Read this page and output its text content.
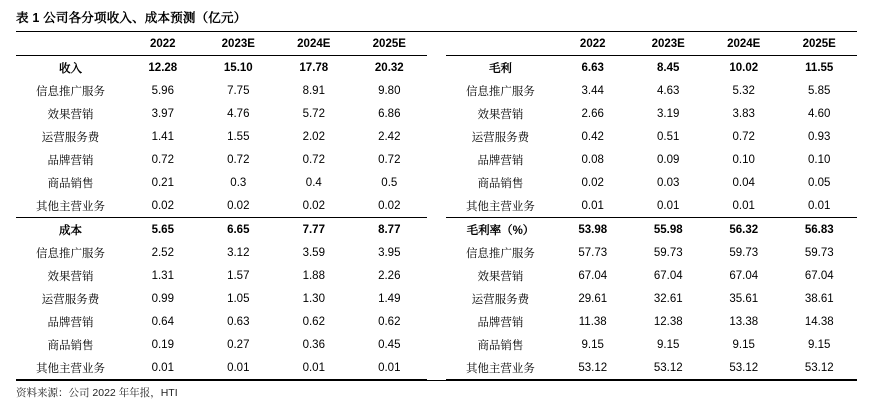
表 1 公司各分项收入、成本预测（亿元）
	2022	2023E	2024E	2025E			2022	2023E	2024E	2025E
收入	12.28	15.10	17.78	20.32		毛利	6.63	8.45	10.02	11.55
信息推广服务	5.96	7.75	8.91	9.80		信息推广服务	3.44	4.63	5.32	5.85
效果营销	3.97	4.76	5.72	6.86		效果营销	2.66	3.19	3.83	4.60
运营服务费	1.41	1.55	2.02	2.42		运营服务费	0.42	0.51	0.72	0.93
品牌营销	0.72	0.72	0.72	0.72		品牌营销	0.08	0.09	0.10	0.10
商品销售	0.21	0.3	0.4	0.5		商品销售	0.02	0.03	0.04	0.05
其他主营业务	0.02	0.02	0.02	0.02		其他主营业务	0.01	0.01	0.01	0.01
成本	5.65	6.65	7.77	8.77		毛利率（%）	53.98	55.98	56.32	56.83
信息推广服务	2.52	3.12	3.59	3.95		信息推广服务	57.73	59.73	59.73	59.73
效果营销	1.31	1.57	1.88	2.26		效果营销	67.04	67.04	67.04	67.04
运营服务费	0.99	1.05	1.30	1.49		运营服务费	29.61	32.61	35.61	38.61
品牌营销	0.64	0.63	0.62	0.62		品牌营销	11.38	12.38	13.38	14.38
商品销售	0.19	0.27	0.36	0.45		商品销售	9.15	9.15	9.15	9.15
其他主营业务	0.01	0.01	0.01	0.01		其他主营业务	53.12	53.12	53.12	53.12
资料来源：公司 2022 年年报，HTI
